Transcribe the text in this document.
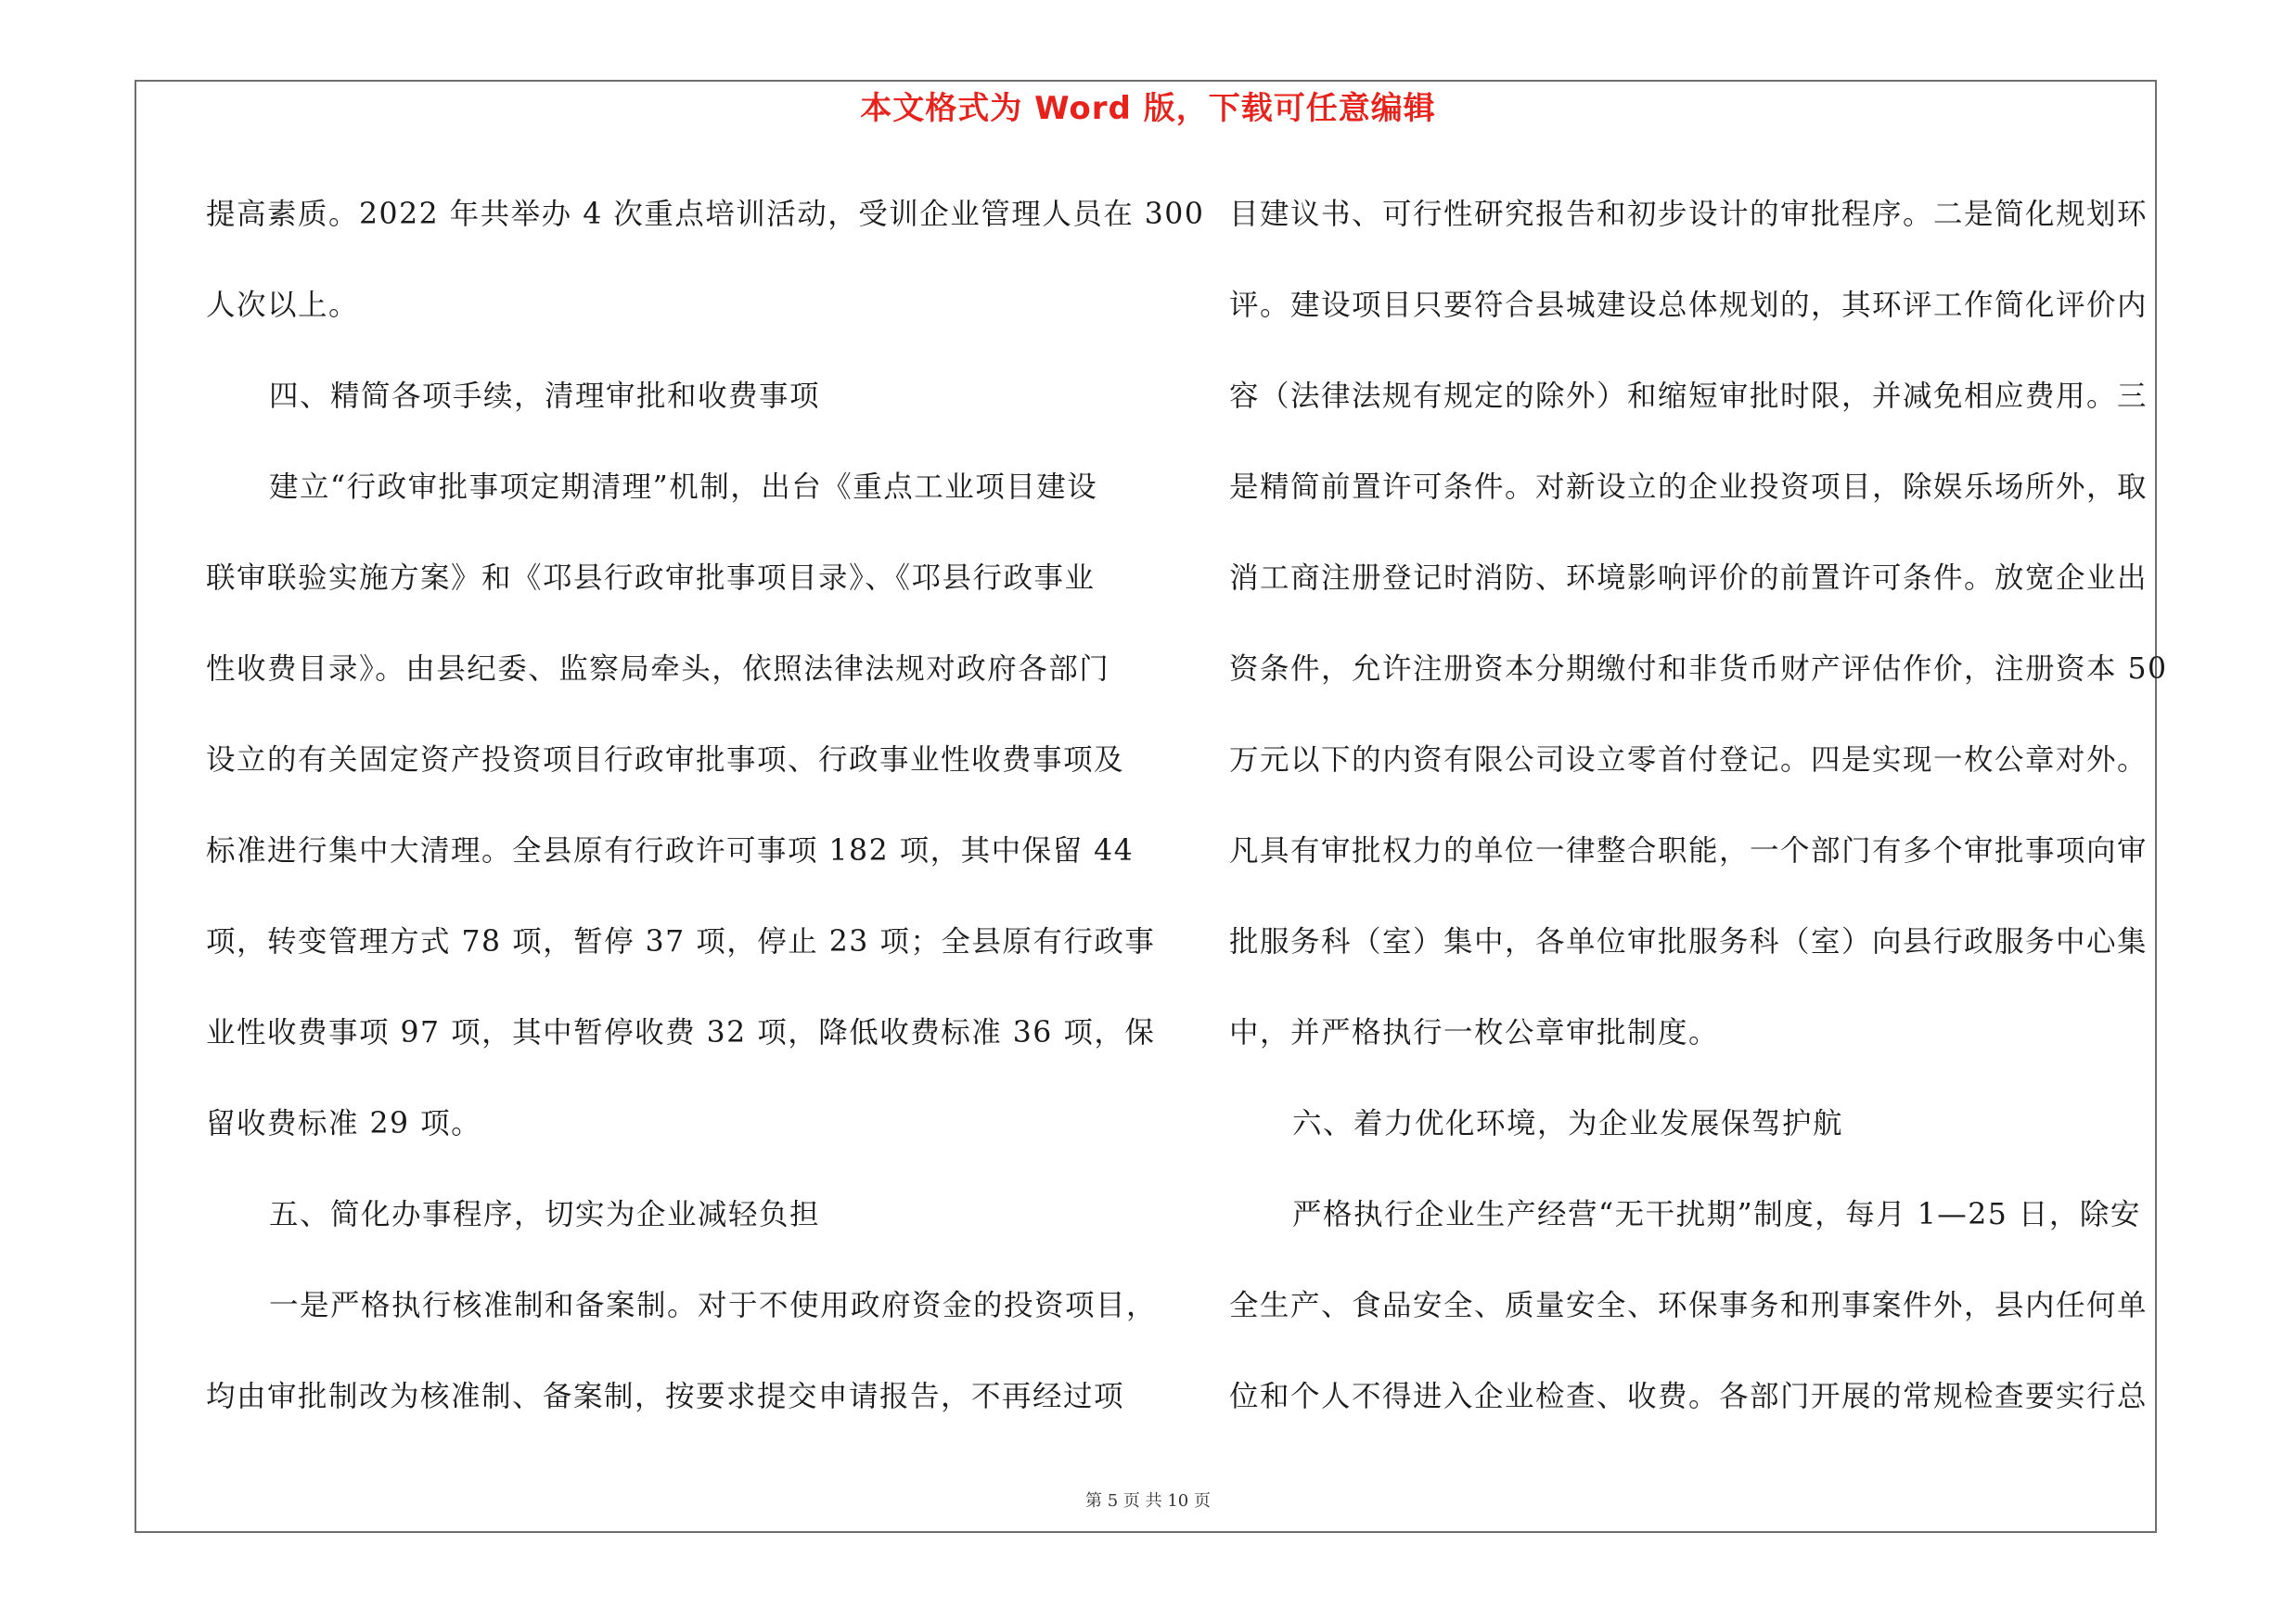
本文格式为 Word 版，下载可任意编辑
提高素质。2022 年共举办 4 次重点培训活动，受训企业管理人员在 300
人次以上。
四、精简各项手续，清理审批和收费事项
建立“行政审批事项定期清理”机制，出台《重点工业项目建设
联审联验实施方案》和《邛县行政审批事项目录》、《邛县行政事业
性收费目录》。由县纪委、监察局牵头，依照法律法规对政府各部门
设立的有关固定资产投资项目行政审批事项、行政事业性收费事项及
标准进行集中大清理。全县原有行政许可事项 182 项，其中保留 44
项，转变管理方式 78 项，暂停 37 项，停止 23 项；全县原有行政事
业性收费事项 97 项，其中暂停收费 32 项，降低收费标准 36 项，保
留收费标准 29 项。
五、简化办事程序，切实为企业减轻负担
一是严格执行核准制和备案制。对于不使用政府资金的投资项目，
均由审批制改为核准制、备案制，按要求提交申请报告，不再经过项
目建议书、可行性研究报告和初步设计的审批程序。二是简化规划环
评。建设项目只要符合县城建设总体规划的，其环评工作简化评价内
容（法律法规有规定的除外）和缩短审批时限，并减免相应费用。三
是精简前置许可条件。对新设立的企业投资项目，除娱乐场所外，取
消工商注册登记时消防、环境影响评价的前置许可条件。放宽企业出
资条件，允许注册资本分期缴付和非货币财产评估作价，注册资本 50
万元以下的内资有限公司设立零首付登记。四是实现一枚公章对外。
凡具有审批权力的单位一律整合职能，一个部门有多个审批事项向审
批服务科（室）集中，各单位审批服务科（室）向县行政服务中心集
中，并严格执行一枚公章审批制度。
六、着力优化环境，为企业发展保驾护航
严格执行企业生产经营“无干扰期”制度，每月 1—25 日，除安
全生产、食品安全、质量安全、环保事务和刑事案件外，县内任何单
位和个人不得进入企业检查、收费。各部门开展的常规检查要实行总
第 5 页 共 10 页
